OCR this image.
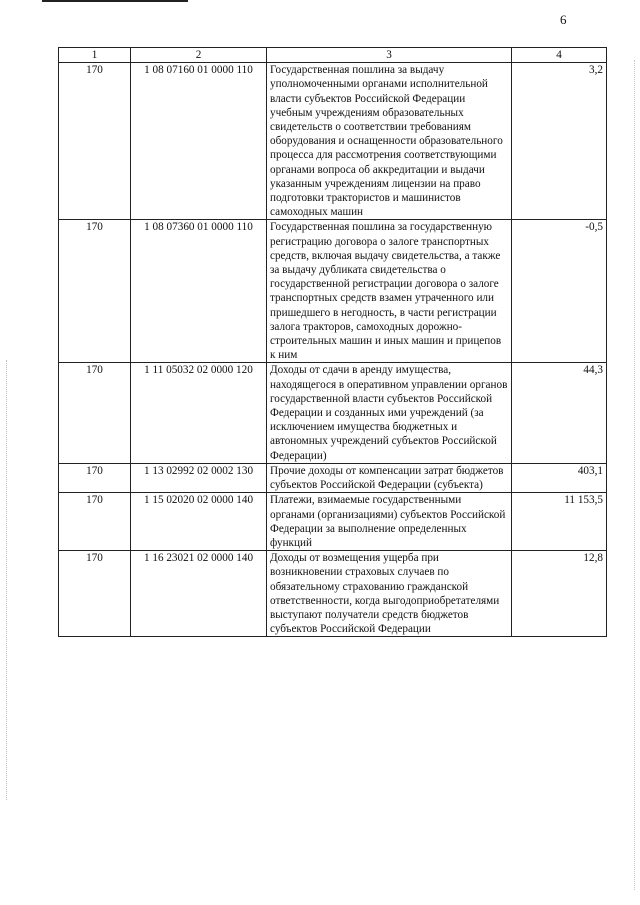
6
1	2	3	4
170	1 08 07160 01 0000 110	Государственная пошлина за выдачу уполномоченными органами исполнительной власти субъектов Российской Федерации учебным учреждениям образовательных свидетельств о соответствии требованиям оборудования и оснащенности образовательного процесса для рассмотрения соответствующими органами вопроса об аккредитации и выдачи указанным учреждениям лицензии на право подготовки трактористов и машинистов самоходных машин	3,2
170	1 08 07360 01 0000 110	Государственная пошлина за государственную регистрацию договора о залоге транспортных средств, включая выдачу свидетельства, а также за выдачу дубликата свидетельства о государственной регистрации договора о залоге транспортных средств взамен утраченного или пришедшего в негодность, в части регистрации залога тракторов, самоходных дорожно-строительных машин и иных машин и прицепов к ним	-0,5
170	1 11 05032 02 0000 120	Доходы от сдачи в аренду имущества, находящегося в оперативном управлении органов государственной власти субъектов Российской Федерации и созданных ими учреждений (за исключением имущества бюджетных и автономных учреждений субъектов Российской Федерации)	44,3
170	1 13 02992 02 0002 130	Прочие доходы от компенсации затрат бюджетов субъектов Российской Федерации (субъекта)	403,1
170	1 15 02020 02 0000 140	Платежи, взимаемые государственными органами (организациями) субъектов Российской Федерации за выполнение определенных функций	11 153,5
170	1 16 23021 02 0000 140	Доходы от возмещения ущерба при возникновении страховых случаев по обязательному страхованию гражданской ответственности, когда выгодоприобретателями выступают получатели средств бюджетов субъектов Российской Федерации	12,8
